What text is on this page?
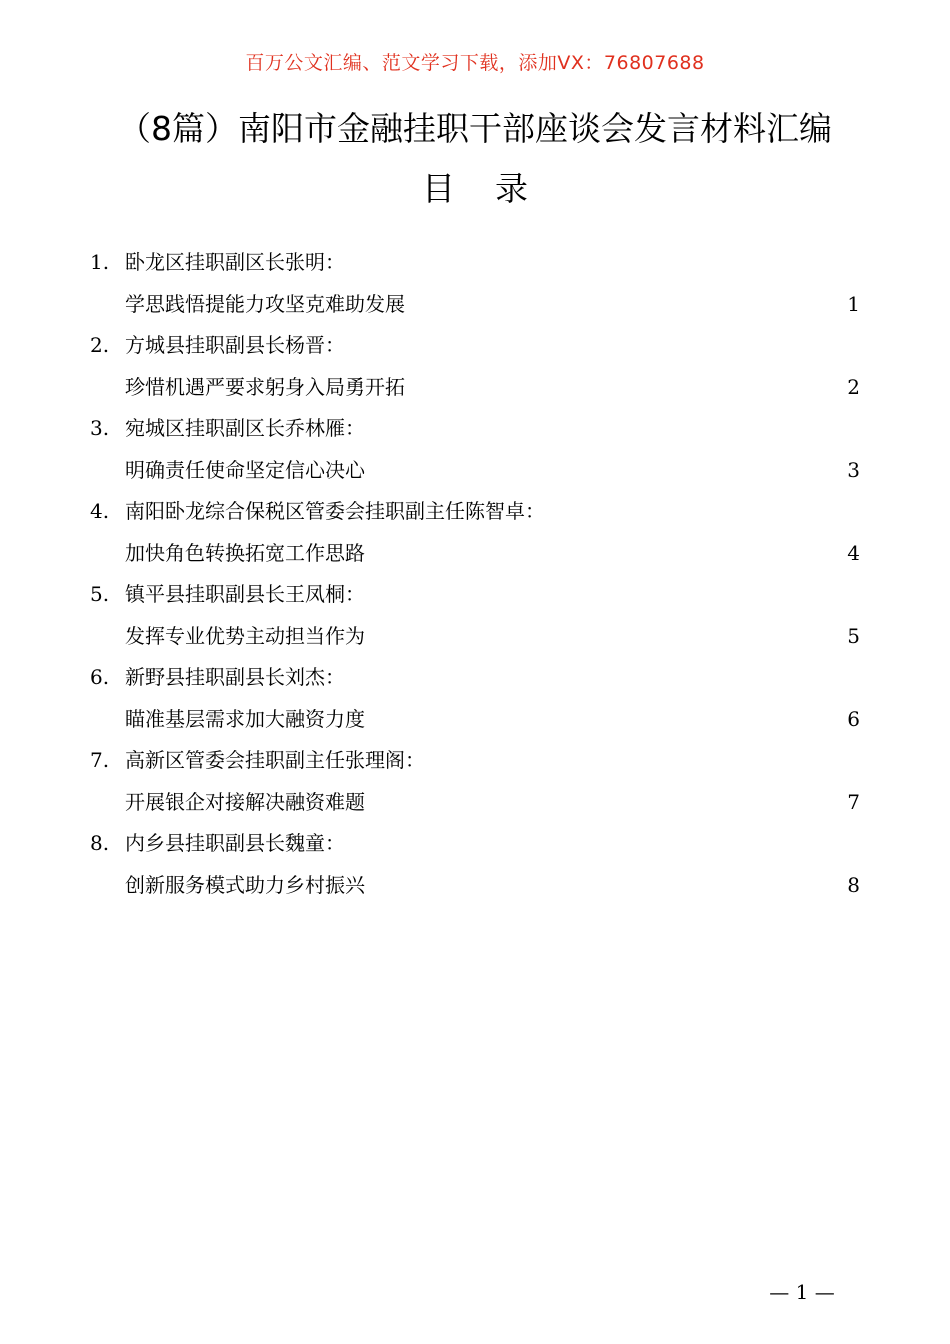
百万公文汇编、范文学习下载，添加VX：76807688
（8篇）南阳市金融挂职干部座谈会发言材料汇编
目录
1. 卧龙区挂职副区长张明：
学思践悟提能力攻坚克难助发展	1
2. 方城县挂职副县长杨晋：
珍惜机遇严要求躬身入局勇开拓	2
3. 宛城区挂职副区长乔林雁：
明确责任使命坚定信心决心	3
4. 南阳卧龙综合保税区管委会挂职副主任陈智卓：
加快角色转换拓宽工作思路	4
5. 镇平县挂职副县长王凤桐：
发挥专业优势主动担当作为	5
6. 新野县挂职副县长刘杰：
瞄准基层需求加大融资力度	6
7. 高新区管委会挂职副主任张理阁：
开展银企对接解决融资难题	7
8. 内乡县挂职副县长魏童：
创新服务模式助力乡村振兴	8
— 1 —
